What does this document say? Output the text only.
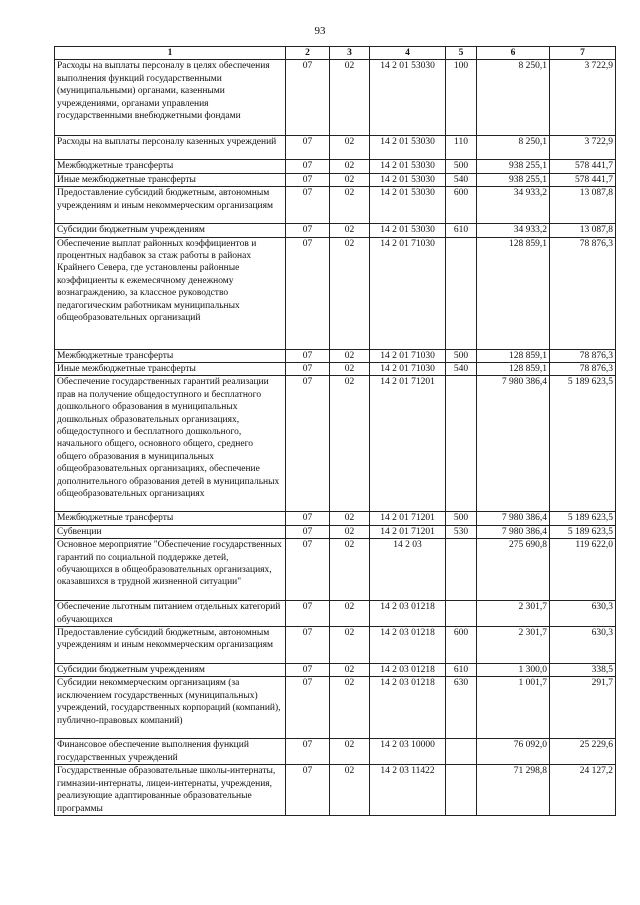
93
1	2	3	4	5	6	7
Расходы на выплаты персоналу в целях обеспечения выполнения функций государственными (муниципальными) органами, казенными учреждениями, органами управления государственными внебюджетными фондами	07	02	14 2 01 53030	100	8 250,1	3 722,9
Расходы на выплаты персоналу казенных учреждений	07	02	14 2 01 53030	110	8 250,1	3 722,9
Межбюджетные трансферты	07	02	14 2 01 53030	500	938 255,1	578 441,7
Иные межбюджетные трансферты	07	02	14 2 01 53030	540	938 255,1	578 441,7
Предоставление субсидий бюджетным, автономным учреждениям и иным некоммерческим организациям	07	02	14 2 01 53030	600	34 933,2	13 087,8
Субсидии бюджетным учреждениям	07	02	14 2 01 53030	610	34 933,2	13 087,8
Обеспечение выплат районных коэффициентов и процентных надбавок за стаж работы в районах Крайнего Севера, где установлены районные коэффициенты к ежемесячному денежному вознаграждению, за классное руководство педагогическим работникам муниципальных общеобразовательных организаций	07	02	14 2 01 71030		128 859,1	78 876,3
Межбюджетные трансферты	07	02	14 2 01 71030	500	128 859,1	78 876,3
Иные межбюджетные трансферты	07	02	14 2 01 71030	540	128 859,1	78 876,3
Обеспечение государственных гарантий реализации прав на получение общедоступного и бесплатного дошкольного образования в муниципальных дошкольных образовательных организациях, общедоступного и бесплатного дошкольного, начального общего, основного общего, среднего общего образования в муниципальных общеобразовательных организациях, обеспечение дополнительного образования детей в муниципальных общеобразовательных организациях	07	02	14 2 01 71201		7 980 386,4	5 189 623,5
Межбюджетные трансферты	07	02	14 2 01 71201	500	7 980 386,4	5 189 623,5
Субвенции	07	02	14 2 01 71201	530	7 980 386,4	5 189 623,5
Основное мероприятие "Обеспечение государственных гарантий по социальной поддержке детей, обучающихся в общеобразовательных организациях, оказавшихся в трудной жизненной ситуации"	07	02	14 2 03		275 690,8	119 622,0
Обеспечение льготным питанием отдельных категорий обучающихся	07	02	14 2 03 01218		2 301,7	630,3
Предоставление субсидий бюджетным, автономным учреждениям и иным некоммерческим организациям	07	02	14 2 03 01218	600	2 301,7	630,3
Субсидии бюджетным учреждениям	07	02	14 2 03 01218	610	1 300,0	338,5
Субсидии некоммерческим организациям (за исключением государственных (муниципальных) учреждений, государственных корпораций (компаний), публично-правовых компаний)	07	02	14 2 03 01218	630	1 001,7	291,7
Финансовое обеспечение выполнения функций государственных учреждений	07	02	14 2 03 10000		76 092,0	25 229,6
Государственные образовательные школы-интернаты, гимназии-интернаты, лицеи-интернаты, учреждения, реализующие адаптированные образовательные программы	07	02	14 2 03 11422		71 298,8	24 127,2
